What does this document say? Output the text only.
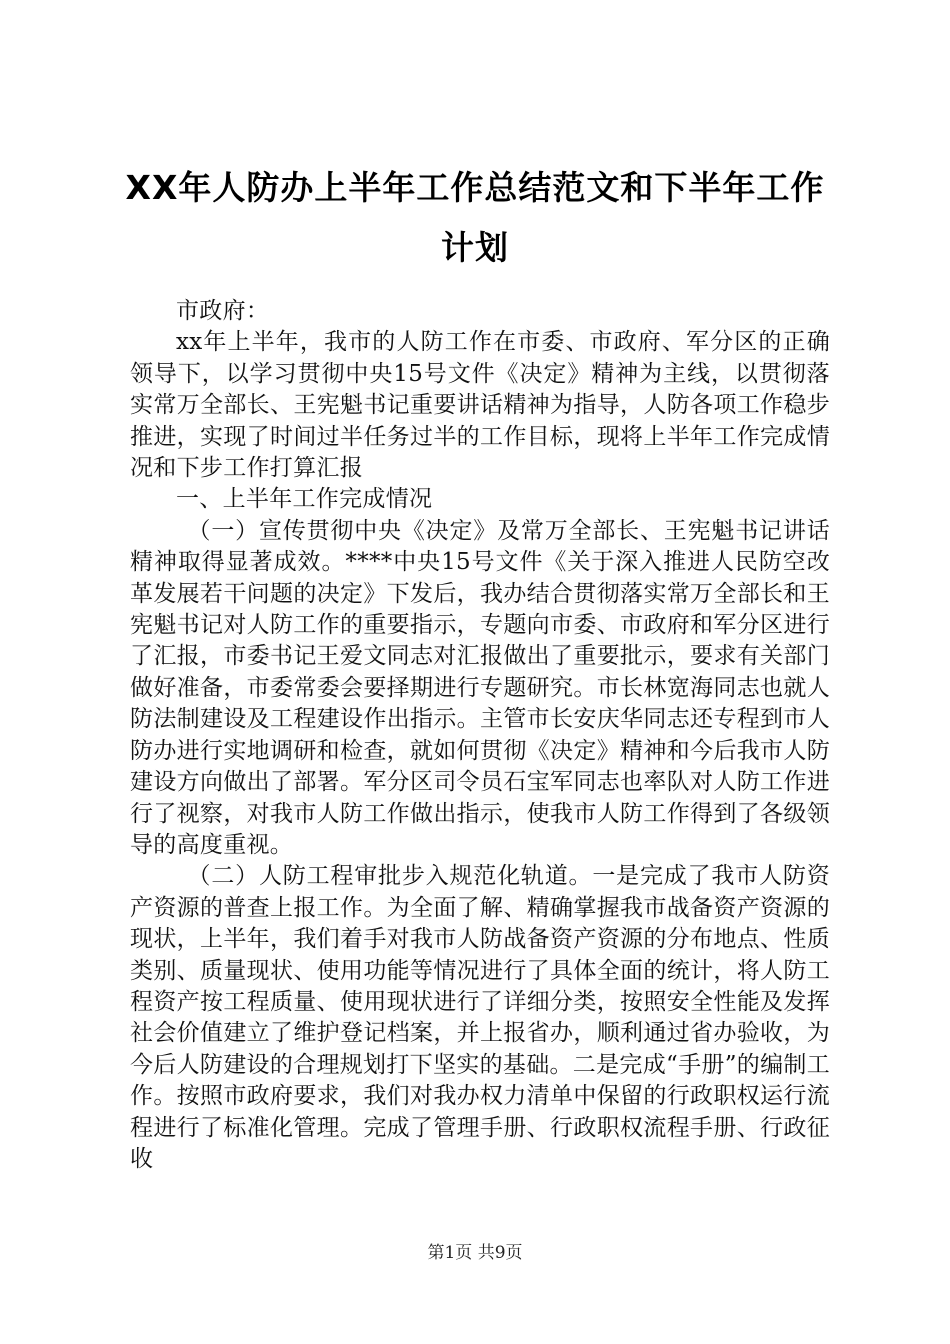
XX年人防办上半年工作总结范文和下半年工作计划

市政府：

xx年上半年，我市的人防工作在市委、市政府、军分区的正确领导下，以学习贯彻中央15号文件《决定》精神为主线，以贯彻落实常万全部长、王宪魁书记重要讲话精神为指导，人防各项工作稳步推进，实现了时间过半任务过半的工作目标，现将上半年工作完成情况和下步工作打算汇报

一、上半年工作完成情况

（一）宣传贯彻中央《决定》及常万全部长、王宪魁书记讲话精神取得显著成效。****中央15号文件《关于深入推进人民防空改革发展若干问题的决定》下发后，我办结合贯彻落实常万全部长和王宪魁书记对人防工作的重要指示，专题向市委、市政府和军分区进行了汇报，市委书记王爱文同志对汇报做出了重要批示，要求有关部门做好准备，市委常委会要择期进行专题研究。市长林宽海同志也就人防法制建设及工程建设作出指示。主管市长安庆华同志还专程到市人防办进行实地调研和检查，就如何贯彻《决定》精神和今后我市人防建设方向做出了部署。军分区司令员石宝军同志也率队对人防工作进行了视察，对我市人防工作做出指示，使我市人防工作得到了各级领导的高度重视。

（二）人防工程审批步入规范化轨道。一是完成了我市人防资产资源的普查上报工作。为全面了解、精确掌握我市战备资产资源的现状，上半年，我们着手对我市人防战备资产资源的分布地点、性质类别、质量现状、使用功能等情况进行了具体全面的统计，将人防工程资产按工程质量、使用现状进行了详细分类，按照安全性能及发挥社会价值建立了维护登记档案，并上报省办，顺利通过省办验收，为今后人防建设的合理规划打下坚实的基础。二是完成“手册”的编制工作。按照市政府要求，我们对我办权力清单中保留的行政职权运行流程进行了标准化管理。完成了管理手册、行政职权流程手册、行政征收

第1页 共9页
